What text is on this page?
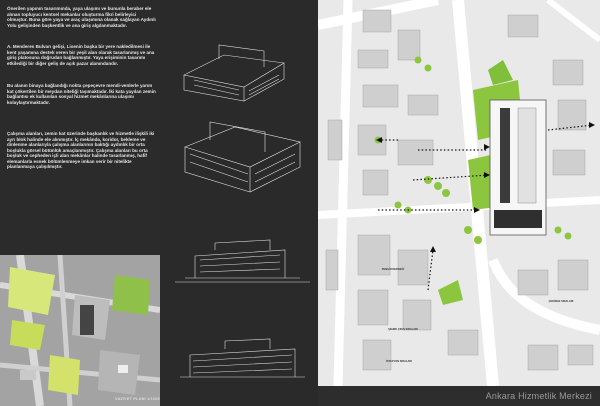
Önerilen yapının tasarımında, yaya ulaşımı ve bununla beraber ele alınan topluyucı kentsel mekanlar oluşturma fikri belirleyici olmuştur. Buna göre yaya ve araç ulaşımına olanak sağlayan Aydınlı Yolu gelişinden başkentlik ve ana giriş algılanmaktadır.
A. Menderes Bulvarı gelişi, Lisenin başka bir yere nakledilmesi ile kent yaşamına destek veren bir yeşil alan olarak tasarlanmış ve ana giriş platosuna doğrudan bağlanmıştır. Yaya erişiminin tasarımı etkilediği bir diğer geliş de açık pazar alanındandır.
Bu alanın binaya bağlandığı nokta çepeçevre mendi-venlerle yarım kat çökertilen bir meydan niteliği taşımaktadır. İki kata yayılan zemin bağlantısı ek kullanılan sosyal hizmet mekânlarına ulaşımı kolaylaştırmaktadır.
Çalışma alanları, zemin kat üzerinde başkanlık ve hizmetle ilişkili iki ayrı blok halinde ele alınmıştır. İç mekânda, koridor, bekleme ve dinlenme alanlarıyla çalışma alanlarının baktığı aydınlık bir orta boşlukla görsel bütünlük amaçlanmıştır. Çalışma alanları bu orta boşluk ve cepheden içli alan mekânlar halinde tasarlanmış, hafif elemanlarla esnek bölümlenmeye imkan verir bir nitelikte planlanmaya çalışılmıştır.
VAZİYET PLANI 1/1000
PENGİR DERNEĞİ
ŞEHRE ÇIKIŞ SIRALARI
İSTASYON SIRALARI
ÇEKİNGE SIRALARI
Ankara Hizmetlik Merkezi
